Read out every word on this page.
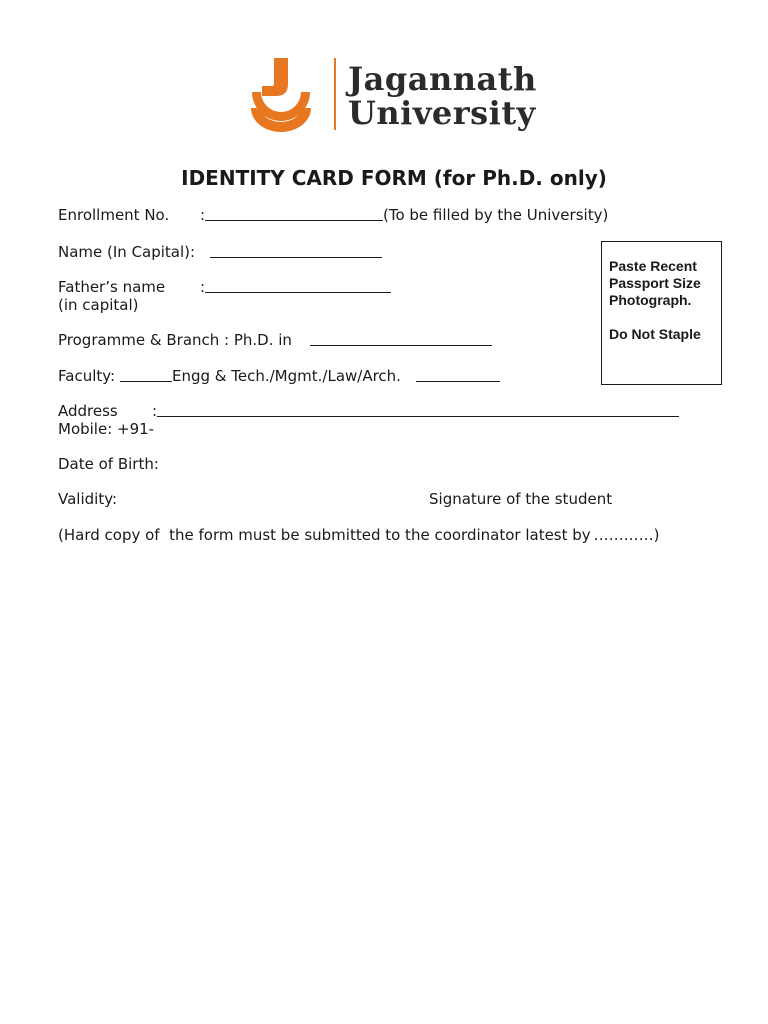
Jagannath
University
IDENTITY CARD FORM (for Ph.D. only)
Enrollment No. :	(To be filled by the University)
Name (In Capital):
Father’s name :
(in capital)
Programme & Branch : Ph.D. in
Faculty:	Engg & Tech./Mgmt./Law/Arch.
Address :
Mobile: +91-
Date of Birth:
Validity:	Signature of the student
(Hard copy of  the form must be submitted to the coordinator latest by …………)
Paste Recent
Passport Size
Photograph.
Do Not Staple
